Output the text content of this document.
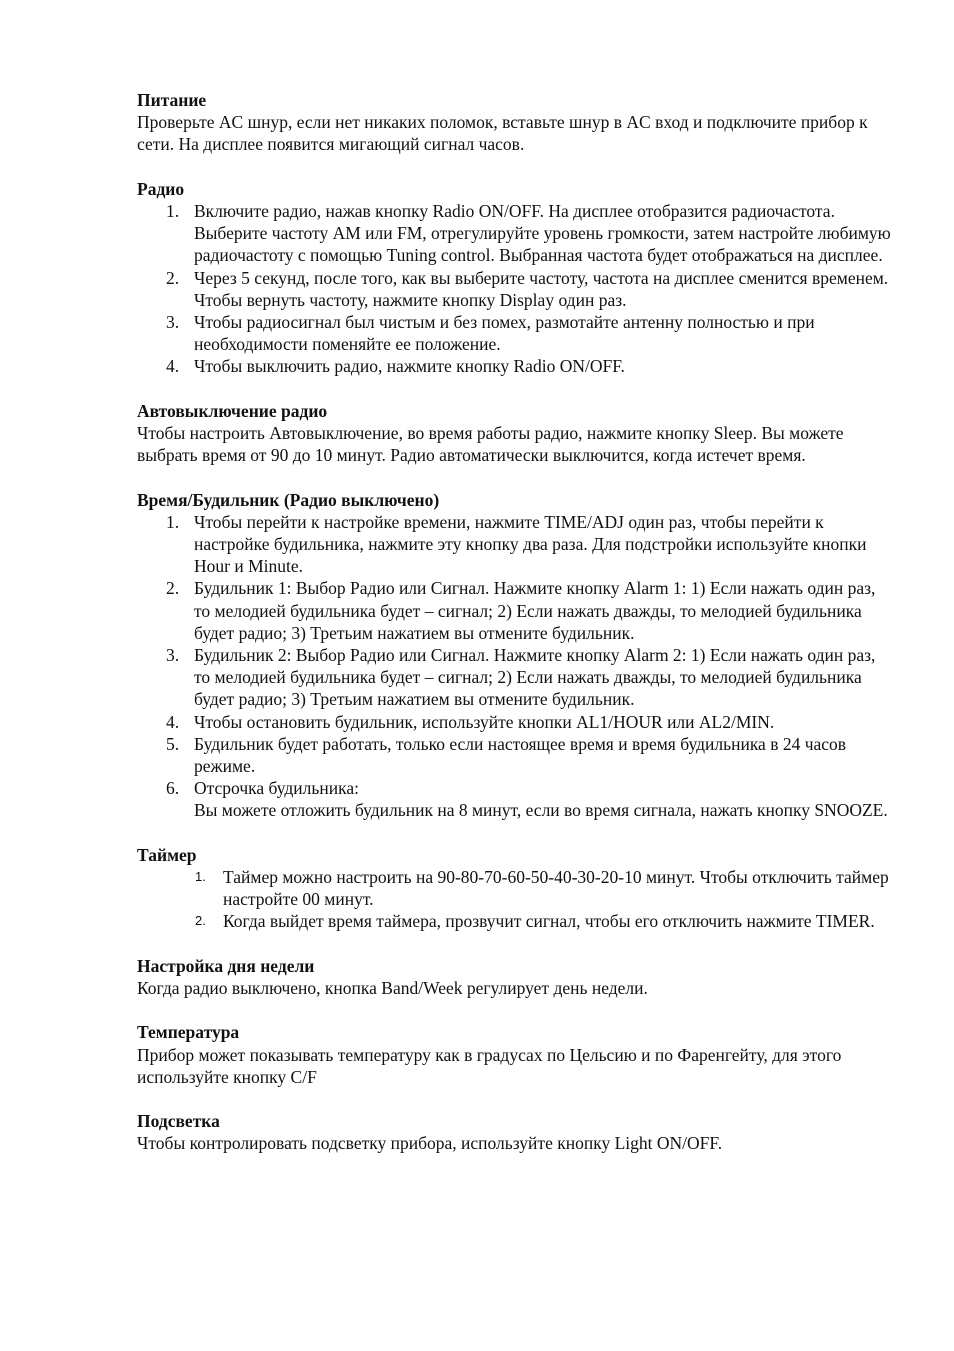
Питание

Проверьте AC шнур, если нет никаких поломок, вставьте шнур в AC вход и подключите прибор к сети. На дисплее появится мигающий сигнал часов.

Радио

1. Включите радио, нажав кнопку Radio ON/OFF. На дисплее отобразится радиочастота. Выберите частоту AM или FM, отрегулируйте уровень громкости, затем настройте любимую радиочастоту с помощью Tuning control. Выбранная частота будет отображаться на дисплее.
2. Через 5 секунд, после того, как вы выберите частоту, частота на дисплее сменится временем. Чтобы вернуть частоту, нажмите кнопку Display один раз.
3. Чтобы радиосигнал был чистым и без помех, размотайте антенну полностью и при необходимости поменяйте ее положение.
4. Чтобы выключить радио, нажмите кнопку Radio ON/OFF.

Автовыключение радио

Чтобы настроить Автовыключение, во время работы радио, нажмите кнопку Sleep. Вы можете выбрать время от 90 до 10 минут. Радио автоматически выключится, когда истечет время.

Время/Будильник (Радио выключено)

1. Чтобы перейти к настройке времени, нажмите TIME/ADJ один раз, чтобы перейти к настройке будильника, нажмите эту кнопку два раза. Для подстройки используйте кнопки Hour и Minute.
2. Будильник 1: Выбор Радио или Сигнал. Нажмите кнопку Alarm 1: 1) Если нажать один раз, то мелодией будильника будет – сигнал; 2) Если нажать дважды, то мелодией будильника будет радио; 3) Третьим нажатием вы отмените будильник.
3. Будильник 2: Выбор Радио или Сигнал. Нажмите кнопку Alarm 2: 1) Если нажать один раз, то мелодией будильника будет – сигнал; 2) Если нажать дважды, то мелодией будильника будет радио; 3) Третьим нажатием вы отмените будильник.
4. Чтобы остановить будильник, используйте кнопки AL1/HOUR или AL2/MIN.
5. Будильник будет работать, только если настоящее время и время будильника в 24 часов режиме.
6. Отсрочка будильника:
Вы можете отложить будильник на 8 минут, если во время сигнала, нажать кнопку SNOOZE.

Таймер

1. Таймер можно настроить на 90-80-70-60-50-40-30-20-10 минут. Чтобы отключить таймер настройте 00 минут.
2. Когда выйдет время таймера, прозвучит сигнал, чтобы его отключить нажмите TIMER.

Настройка дня недели

Когда радио выключено, кнопка Band/Week регулирует день недели.

Температура

Прибор может показывать температуру как в градусах по Цельсию и по Фаренгейту, для этого используйте кнопку C/F

Подсветка

Чтобы контролировать подсветку прибора, используйте кнопку Light ON/OFF.
